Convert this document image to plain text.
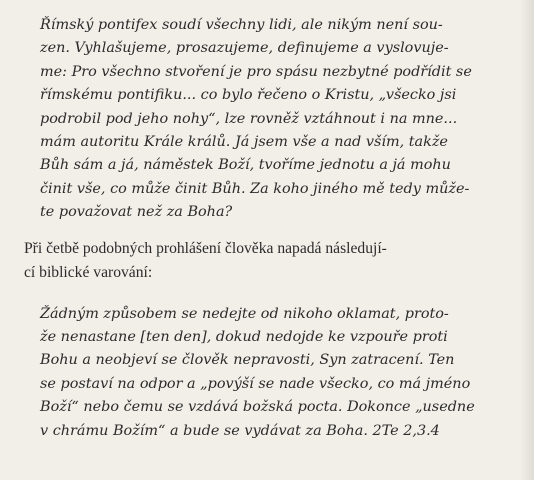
Římský pontifex soudí všechny lidi, ale nikým není sou-
zen. Vyhlašujeme, prosazujeme, definujeme a vyslovuje-
me: Pro všechno stvoření je pro spásu nezbytné podřídit se
římskému pontifiku... co bylo řečeno o Kristu, „všecko jsi
podrobil pod jeho nohy“, lze rovněž vztáhnout i na mne...
mám autoritu Krále králů. Já jsem vše a nad vším, takže
Bůh sám a já, náměstek Boží, tvoříme jednotu a já mohu
činit vše, co může činit Bůh. Za koho jiného mě tedy může-
te považovat než za Boha?
Při četbě podobných prohlášení člověka napadá následují-
cí biblické varování:
Žádným způsobem se nedejte od nikoho oklamat, proto-
že nenastane [ten den], dokud nedojde ke vzpouře proti
Bohu a neobjeví se člověk nepravosti, Syn zatracení. Ten
se postaví na odpor a „povýší se nade všecko, co má jméno
Boží“ nebo čemu se vzdává božská pocta. Dokonce „usedne
v chrámu Božím“ a bude se vydávat za Boha. 2Te 2,3.4
